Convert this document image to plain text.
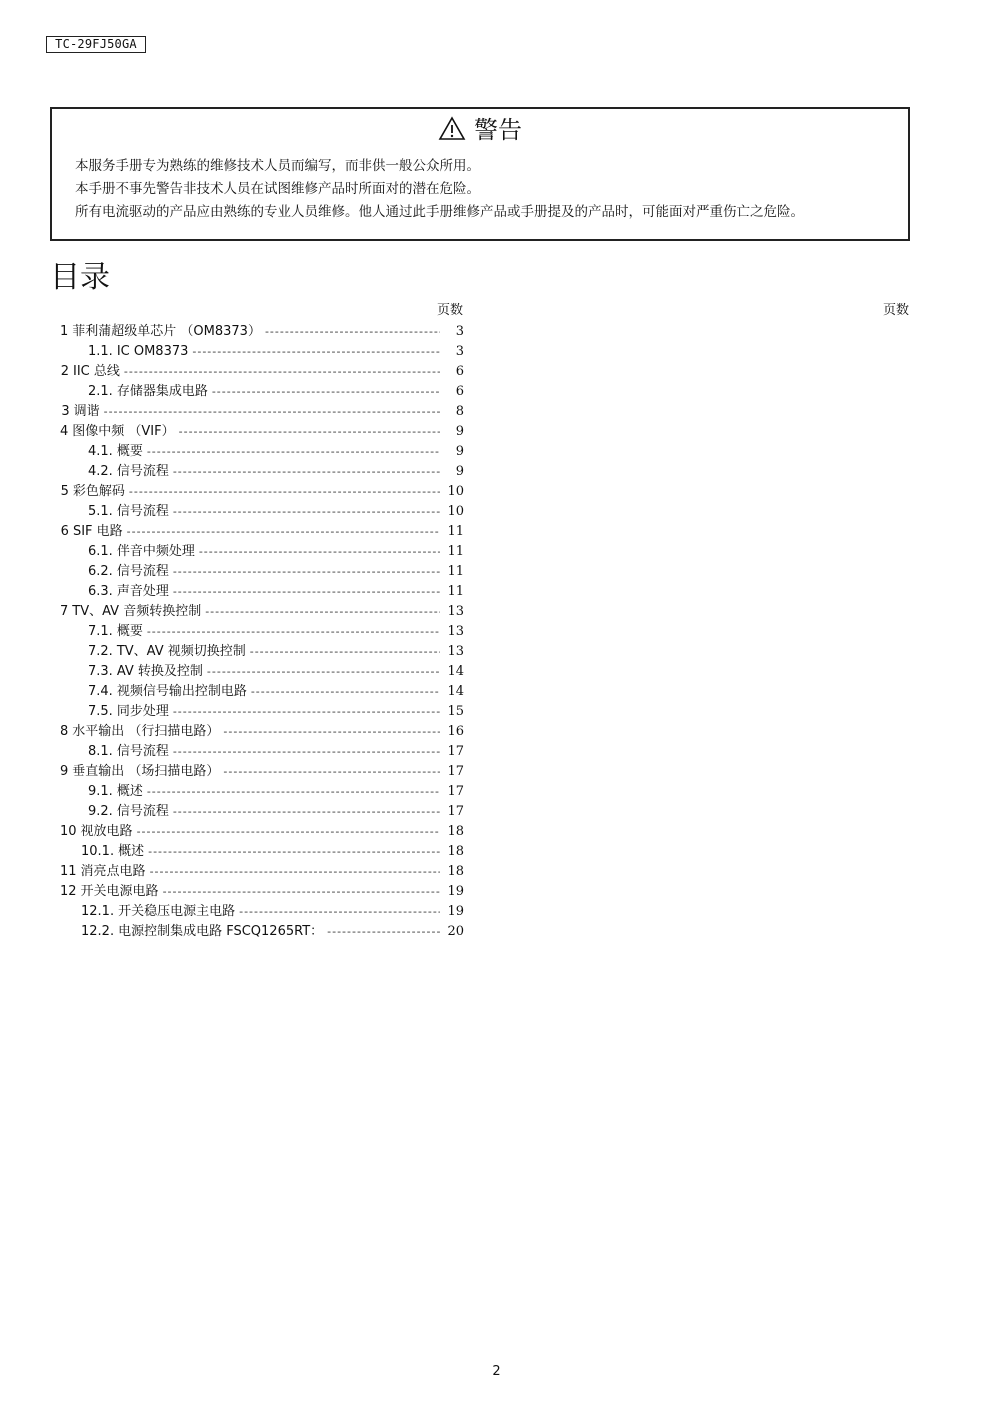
TC-29FJ50GA
警告
本服务手册专为熟练的维修技术人员而编写，而非供一般公众所用。
本手册不事先警告非技术人员在试图维修产品时所面对的潜在危险。
所有电流驱动的产品应由熟练的专业人员维修。他人通过此手册维修产品或手册提及的产品时，可能面对严重伤亡之危险。
目录
页数	页数
1 菲利蒲超级单芯片 （OM8373） -----	3
1.1. IC OM8373 -----	3
2 IIC 总线 -----	6
2.1. 存储器集成电路 -----	6
3 调谐 -----	8
4 图像中频 （VIF） -----	9
4.1. 概要 -----	9
4.2. 信号流程 -----	9
5 彩色解码 -----	10
5.1. 信号流程 -----	10
6 SIF 电路 -----	11
6.1. 伴音中频处理 -----	11
6.2. 信号流程 -----	11
6.3. 声音处理 -----	11
7 TV、AV 音频转换控制 -----	13
7.1. 概要 -----	13
7.2. TV、AV 视频切换控制 -----	13
7.3. AV 转换及控制 -----	14
7.4. 视频信号输出控制电路 -----	14
7.5. 同步处理 -----	15
8 水平输出 （行扫描电路） -----	16
8.1. 信号流程 -----	17
9 垂直输出 （场扫描电路） -----	17
9.1. 概述 -----	17
9.2. 信号流程 -----	17
10 视放电路 -----	18
10.1. 概述 -----	18
11 消亮点电路 -----	18
12 开关电源电路 -----	19
12.1. 开关稳压电源主电路 -----	19
12.2. 电源控制集成电路 FSCQ1265RT： -----	20
2
